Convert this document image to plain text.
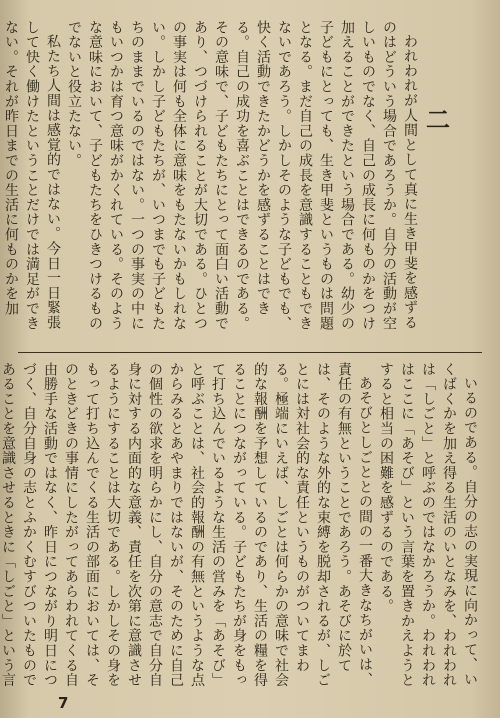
二

われわれが人間として真に生き甲斐を感ずるのはどういう場合であろうか。自分の活動が空しいものでなく、自己の成長に何ものかをつけ加えることができたという場合である。幼少の子どもにとっても、生き甲斐というものは問題となる。まだ自己の成長を意識することもできないであろう。しかしそのような子どもでも、快く活動できたかどうかを感ずることはできる。自己の成功を喜ぶことはできるのである。その意味で、子どもたちにとって面白い活動であり、つづけられることが大切である。ひとつの事実は何も全体に意味をもたないかもしれない。しかし子どもたちが、いつまでも子どもたちのままでいるのではない。一つの事実の中にもいつかは育つ意味がかくれている。そのような意味において、子どもたちをひきつけるものでないと役立たない。

私たち人間は感覚的ではない。今日一日緊張して快く働けたということだけでは満足ができない。それが昨日までの生活に何ものかを加

いるのである。自分の志の実現に向かって、いくばくかを加え得る生活のいとなみを、われわれは「しごと」と呼ぶのではなかろうか。われわれはここに「あそび」という言葉を置きかえようとすると相当の困難を感ずるのである。

あそびとしごととの間の一番大きなちがいは、責任の有無ということであろう。あそびに於ては、そのような外的な束縛を脱却されるが、しごとには対社会的な責任というものがついてまわる。極端にいえば、しごとは何らかの意味で社会的な報酬を予想しているのであり、生活の糧を得ることにつながっている。子どもたちが身をもって打ち込んでいるような生活の営みを「あそび」と呼ぶことは、社会的報酬の有無というような点からみるとあやまりではないが、そのために自己の個性の欲求を明らかにし、自分の意志で自分自身に対する内面的な意義、責任を次第に意識させるようにすることは大切である。しかしその身をもって打ち込んでくる生活の部面においては、そのときどきの事情にしたがってあらわれてくる自由勝手な活動ではなく、昨日につながり明日につづく、自分自身の志とふかくむすびついたものであることを意識させるときに「しごと」という言

7
